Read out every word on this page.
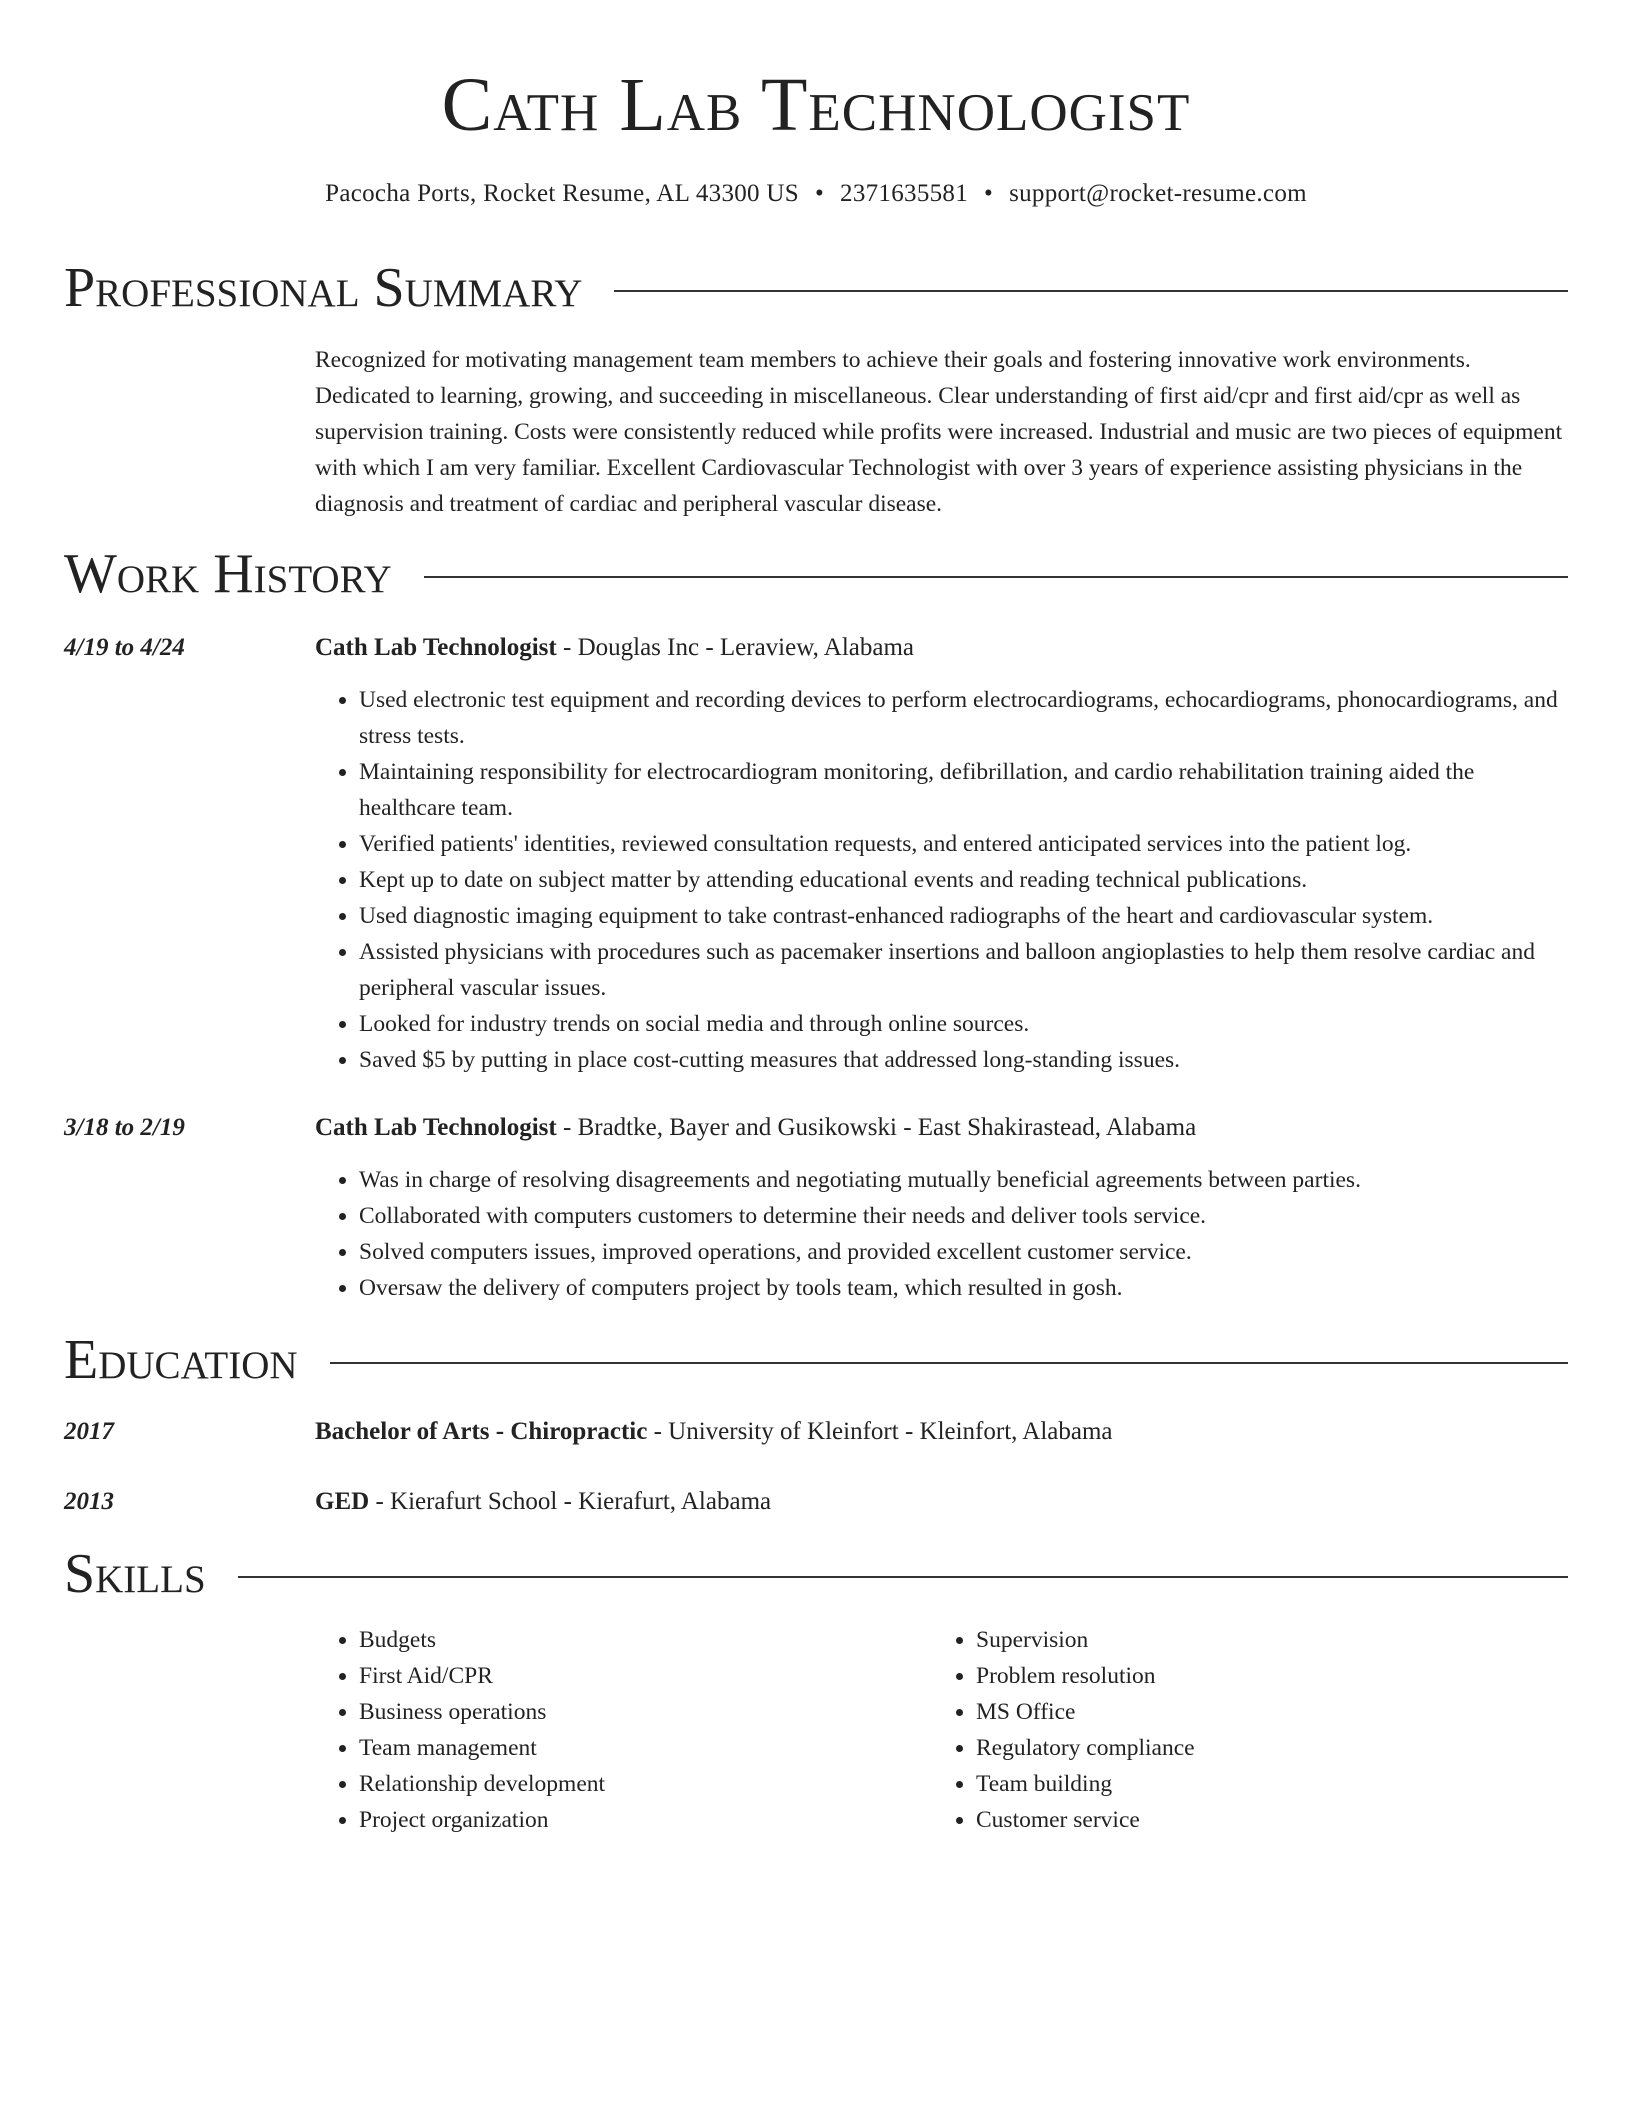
Cath Lab Technologist
Pacocha Ports, Rocket Resume, AL 43300 US • 2371635581 • support@rocket-resume.com
Professional Summary
Recognized for motivating management team members to achieve their goals and fostering innovative work environments. Dedicated to learning, growing, and succeeding in miscellaneous. Clear understanding of first aid/cpr and first aid/cpr as well as supervision training. Costs were consistently reduced while profits were increased. Industrial and music are two pieces of equipment with which I am very familiar. Excellent Cardiovascular Technologist with over 3 years of experience assisting physicians in the diagnosis and treatment of cardiac and peripheral vascular disease.
Work History
4/19 to 4/24	Cath Lab Technologist - Douglas Inc - Leraview, Alabama
• Used electronic test equipment and recording devices to perform electrocardiograms, echocardiograms, phonocardiograms, and stress tests.
• Maintaining responsibility for electrocardiogram monitoring, defibrillation, and cardio rehabilitation training aided the healthcare team.
• Verified patients' identities, reviewed consultation requests, and entered anticipated services into the patient log.
• Kept up to date on subject matter by attending educational events and reading technical publications.
• Used diagnostic imaging equipment to take contrast-enhanced radiographs of the heart and cardiovascular system.
• Assisted physicians with procedures such as pacemaker insertions and balloon angioplasties to help them resolve cardiac and peripheral vascular issues.
• Looked for industry trends on social media and through online sources.
• Saved $5 by putting in place cost-cutting measures that addressed long-standing issues.
3/18 to 2/19	Cath Lab Technologist - Bradtke, Bayer and Gusikowski - East Shakirastead, Alabama
• Was in charge of resolving disagreements and negotiating mutually beneficial agreements between parties.
• Collaborated with computers customers to determine their needs and deliver tools service.
• Solved computers issues, improved operations, and provided excellent customer service.
• Oversaw the delivery of computers project by tools team, which resulted in gosh.
Education
2017	Bachelor of Arts - Chiropractic - University of Kleinfort - Kleinfort, Alabama
2013	GED - Kierafurt School - Kierafurt, Alabama
Skills
• Budgets
• First Aid/CPR
• Business operations
• Team management
• Relationship development
• Project organization
• Supervision
• Problem resolution
• MS Office
• Regulatory compliance
• Team building
• Customer service
